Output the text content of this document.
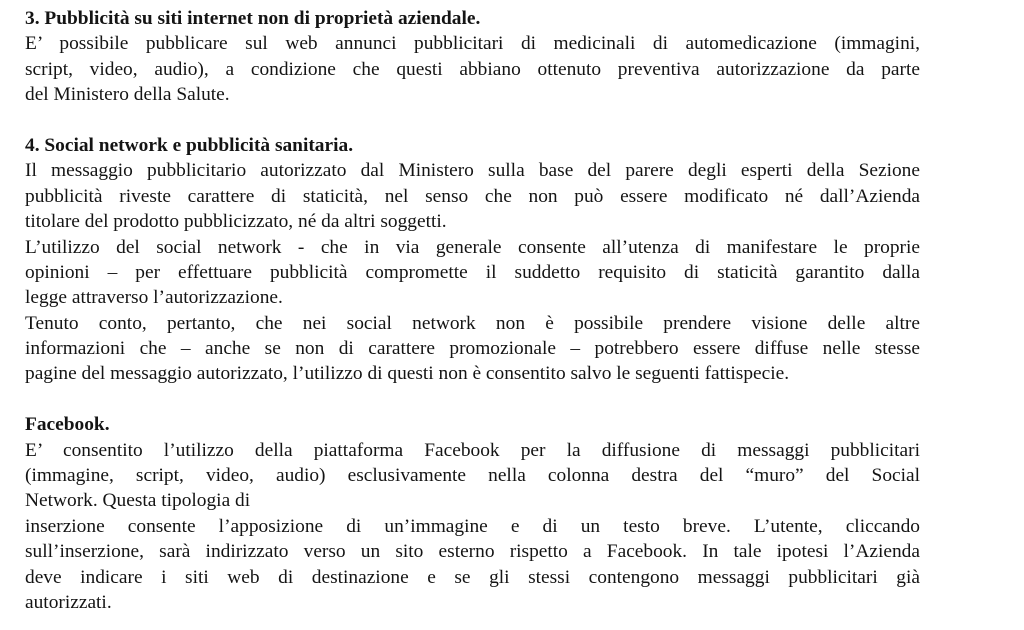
3. Pubblicità su siti internet non di proprietà aziendale.
E’ possibile pubblicare sul web annunci pubblicitari di medicinali di automedicazione (immagini,
script, video, audio), a condizione che questi abbiano ottenuto preventiva autorizzazione da parte
del Ministero della Salute.
4. Social network e pubblicità sanitaria.
Il messaggio pubblicitario autorizzato dal Ministero sulla base del parere degli esperti della Sezione
pubblicità riveste carattere di staticità, nel senso che non può essere modificato né dall’Azienda
titolare del prodotto pubblicizzato, né da altri soggetti.
L’utilizzo del social network - che in via generale consente all’utenza di manifestare le proprie
opinioni – per effettuare pubblicità compromette il suddetto requisito di staticità garantito dalla
legge attraverso l’autorizzazione.
Tenuto conto, pertanto, che nei social network non è possibile prendere visione delle altre
informazioni che – anche se non di carattere promozionale – potrebbero essere diffuse nelle stesse
pagine del messaggio autorizzato, l’utilizzo di questi non è consentito salvo le seguenti fattispecie.
Facebook.
E’ consentito l’utilizzo della piattaforma Facebook per la diffusione di messaggi pubblicitari
(immagine, script, video, audio) esclusivamente nella colonna destra del “muro” del Social
Network. Questa tipologia di
inserzione consente l’apposizione di un’immagine e di un testo breve. L’utente, cliccando
sull’inserzione, sarà indirizzato verso un sito esterno rispetto a Facebook. In tale ipotesi l’Azienda
deve indicare i siti web di destinazione e se gli stessi contengono messaggi pubblicitari già
autorizzati.
